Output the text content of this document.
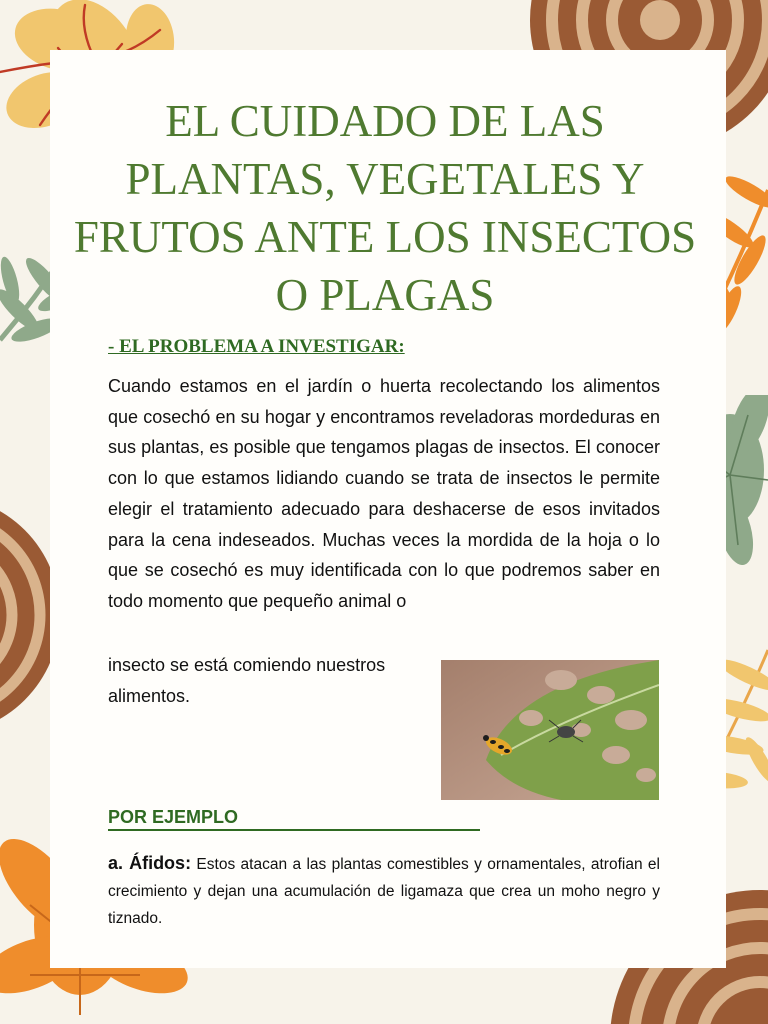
EL CUIDADO DE LAS PLANTAS, VEGETALES Y FRUTOS ANTE LOS INSECTOS O PLAGAS

- EL PROBLEMA A INVESTIGAR:

Cuando estamos en el jardín o huerta recolectando los alimentos que cosechó en su hogar y encontramos reveladoras mordeduras en sus plantas, es posible que tengamos plagas de insectos. El conocer con lo que estamos lidiando cuando se trata de insectos le permite elegir el tratamiento adecuado para deshacerse de esos invitados para la cena indeseados. Muchas veces la mordida de la hoja o lo que se cosechó es muy identificada con lo que podremos saber en todo momento que pequeño animal o

insecto se está comiendo nuestros alimentos.

POR EJEMPLO

a. Áfidos: Estos atacan a las plantas comestibles y ornamentales, atrofian el crecimiento y dejan una acumulación de ligamaza que crea un moho negro y tiznado.
